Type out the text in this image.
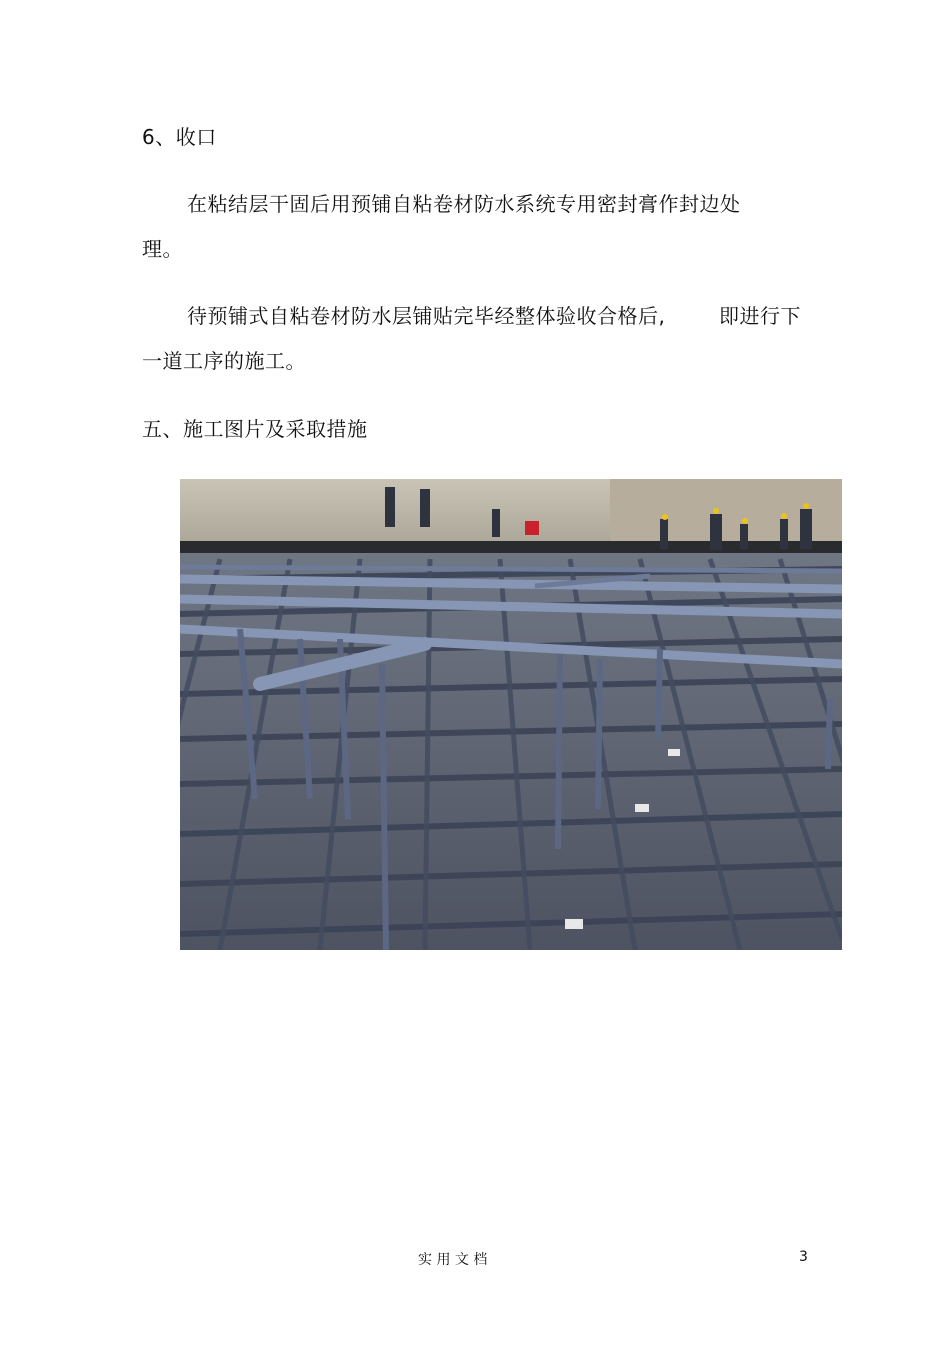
6、收口
在粘结层干固后用预铺自粘卷材防水系统专用密封膏作封边处
理。
待预铺式自粘卷材防水层铺贴完毕经整体验收合格后,	即进行下
一道工序的施工。
五、施工图片及采取措施
实 用 文 档	3
